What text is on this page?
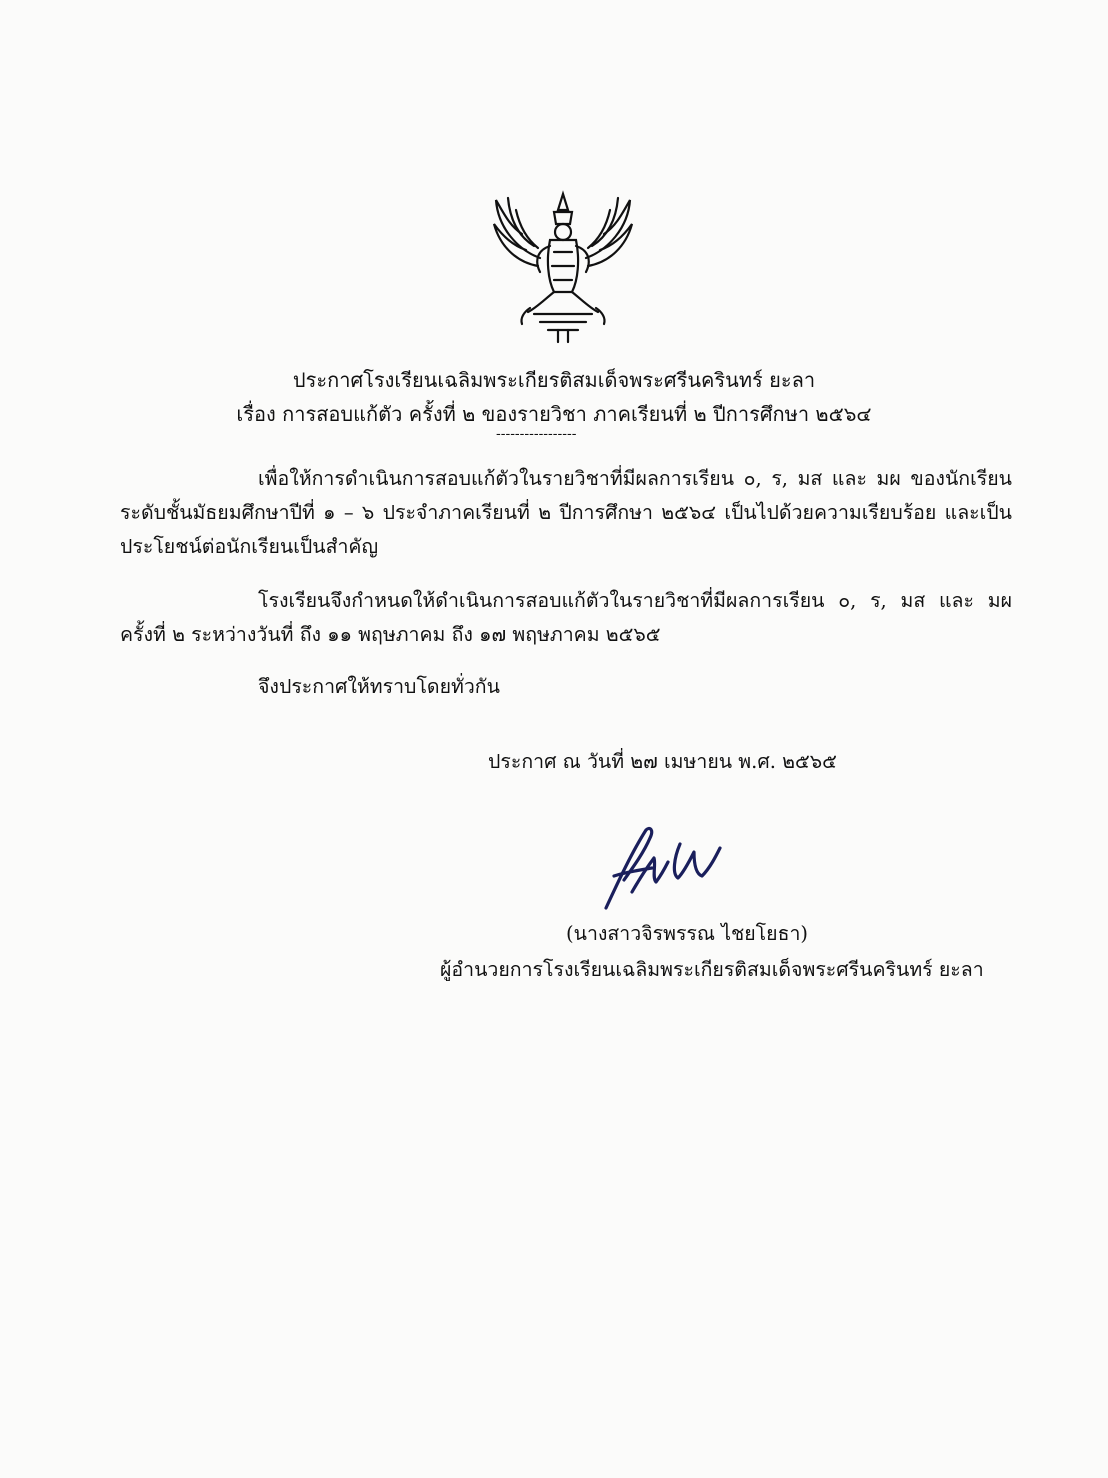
ประกาศโรงเรียนเฉลิมพระเกียรติสมเด็จพระศรีนครินทร์ ยะลา
เรื่อง การสอบแก้ตัว ครั้งที่ ๒ ของรายวิชา ภาคเรียนที่ ๒ ปีการศึกษา ๒๕๖๔
-----------------
เพื่อให้การดำเนินการสอบแก้ตัวในรายวิชาที่มีผลการเรียน ๐, ร, มส และ มผ ของนักเรียน ระดับชั้นมัธยมศึกษาปีที่ ๑ – ๖ ประจำภาคเรียนที่ ๒ ปีการศึกษา ๒๕๖๔ เป็นไปด้วยความเรียบร้อย และเป็นประโยชน์ต่อนักเรียนเป็นสำคัญ
โรงเรียนจึงกำหนดให้ดำเนินการสอบแก้ตัวในรายวิชาที่มีผลการเรียน ๐, ร, มส และ มผ ครั้งที่ ๒ ระหว่างวันที่ ถึง ๑๑ พฤษภาคม ถึง ๑๗ พฤษภาคม ๒๕๖๕
จึงประกาศให้ทราบโดยทั่วกัน
ประกาศ ณ วันที่ ๒๗ เมษายน พ.ศ. ๒๕๖๕
(นางสาวจิรพรรณ ไชยโยธา)
ผู้อำนวยการโรงเรียนเฉลิมพระเกียรติสมเด็จพระศรีนครินทร์ ยะลา
